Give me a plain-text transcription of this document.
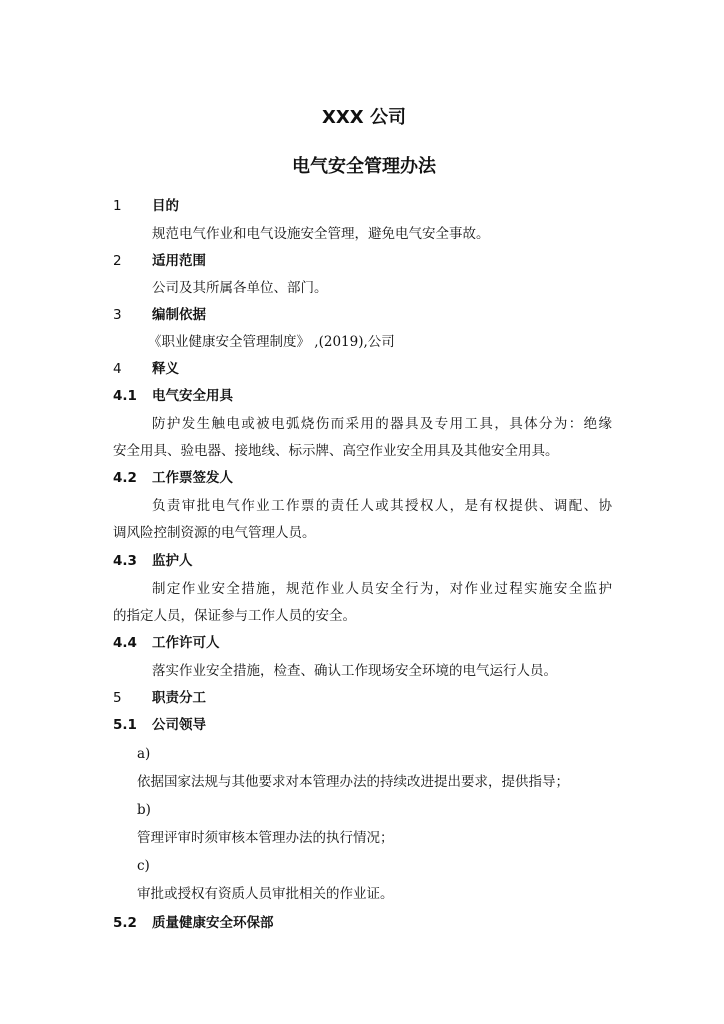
XXX 公司
电气安全管理办法
1 目的
规范电气作业和电气设施安全管理，避免电气安全事故。
2 适用范围
公司及其所属各单位、部门。
3 编制依据
《职业健康安全管理制度》 ,(2019),公司
4 释义
4.1 电气安全用具
防护发生触电或被电弧烧伤而采用的器具及专用工具，具体分为：绝缘
安全用具、验电器、接地线、标示牌、高空作业安全用具及其他安全用具。
4.2 工作票签发人
负责审批电气作业工作票的责任人或其授权人，是有权提供、调配、协
调风险控制资源的电气管理人员。
4.3 监护人
制定作业安全措施，规范作业人员安全行为，对作业过程实施安全监护
的指定人员，保证参与工作人员的安全。
4.4 工作许可人
落实作业安全措施，检查、确认工作现场安全环境的电气运行人员。
5 职责分工
5.1 公司领导
a)
依据国家法规与其他要求对本管理办法的持续改进提出要求，提供指导；
b)
管理评审时须审核本管理办法的执行情况；
c)
审批或授权有资质人员审批相关的作业证。
5.2 质量健康安全环保部
